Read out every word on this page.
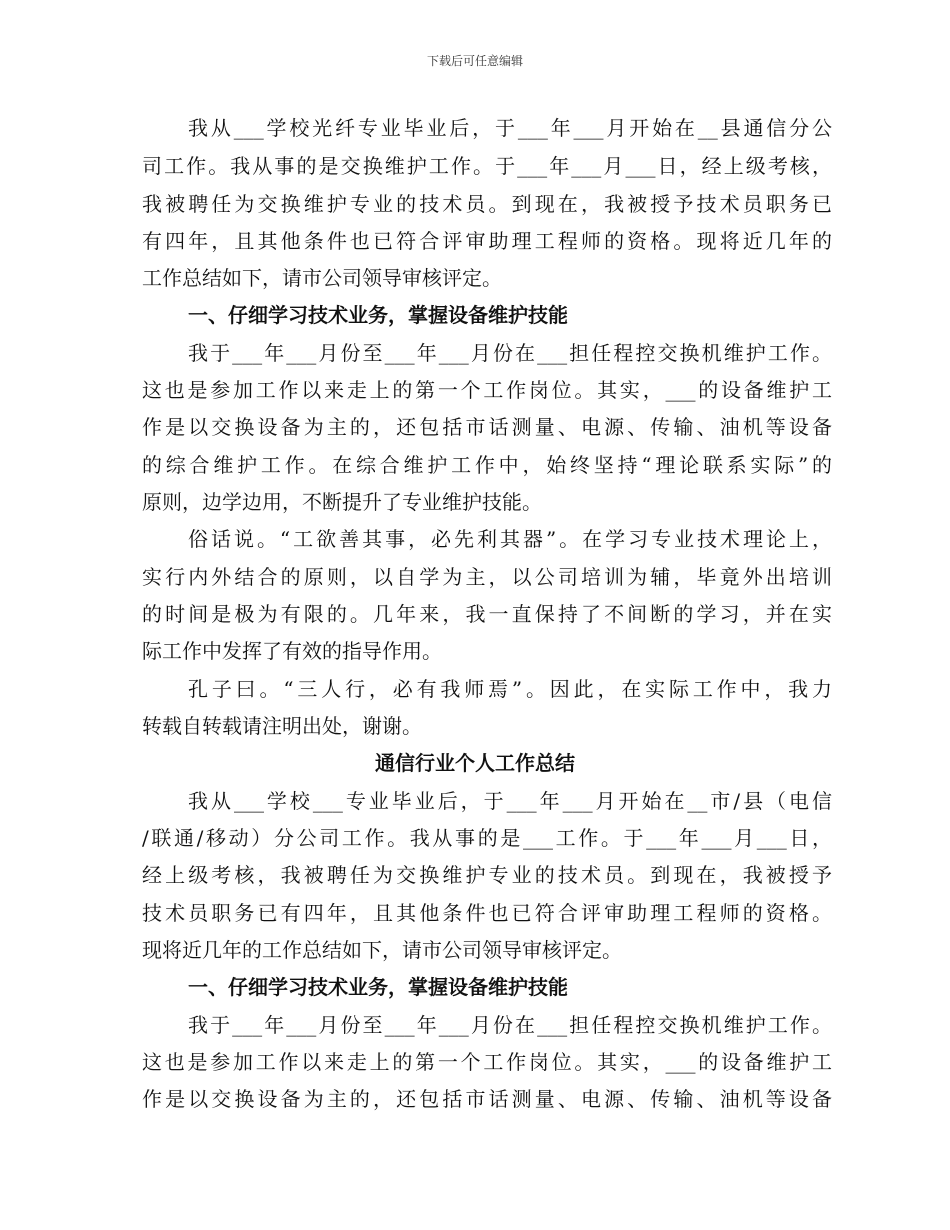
下载后可任意编辑
我从___学校光纤专业毕业后，于___年___月开始在__县通信分公
司工作。我从事的是交换维护工作。于___年___月___日，经上级考核，
我被聘任为交换维护专业的技术员。到现在，我被授予技术员职务已
有四年，且其他条件也已符合评审助理工程师的资格。现将近几年的
工作总结如下，请市公司领导审核评定。
一、仔细学习技术业务，掌握设备维护技能
我于___年___月份至___年___月份在___担任程控交换机维护工作。
这也是参加工作以来走上的第一个工作岗位。其实，___的设备维护工
作是以交换设备为主的，还包括市话测量、电源、传输、油机等设备
的综合维护工作。在综合维护工作中，始终坚持“理论联系实际”的
原则，边学边用，不断提升了专业维护技能。
俗话说。“工欲善其事，必先利其器”。在学习专业技术理论上，
实行内外结合的原则，以自学为主，以公司培训为辅，毕竟外出培训
的时间是极为有限的。几年来，我一直保持了不间断的学习，并在实
际工作中发挥了有效的指导作用。
孔子曰。“三人行，必有我师焉”。因此，在实际工作中，我力
转载自转载请注明出处，谢谢。
通信行业个人工作总结
我从___学校___专业毕业后，于___年___月开始在__市/县（电信
/联通/移动）分公司工作。我从事的是___工作。于___年___月___日，
经上级考核，我被聘任为交换维护专业的技术员。到现在，我被授予
技术员职务已有四年，且其他条件也已符合评审助理工程师的资格。
现将近几年的工作总结如下，请市公司领导审核评定。
一、仔细学习技术业务，掌握设备维护技能
我于___年___月份至___年___月份在___担任程控交换机维护工作。
这也是参加工作以来走上的第一个工作岗位。其实，___的设备维护工
作是以交换设备为主的，还包括市话测量、电源、传输、油机等设备
